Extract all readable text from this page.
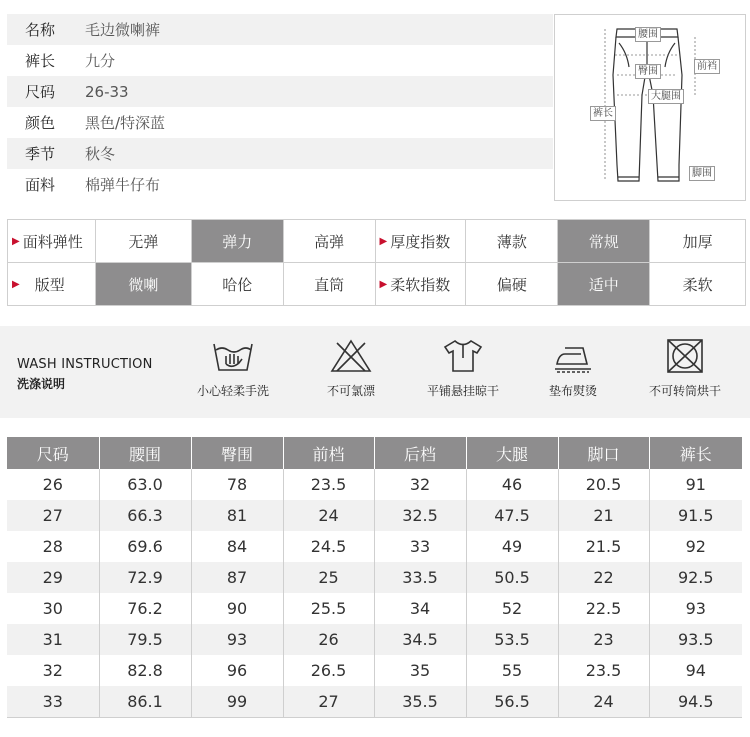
名称	毛边微喇裤
裤长	九分
尺码	26-33
颜色	黑色/特深蓝
季节	秋冬
面料	棉弹牛仔布
腰围
臀围	前裆
大腿围
裤长
脚围
▶ 面料弹性	无弹	弹力	高弹	▶ 厚度指数	薄款	常规	加厚
▶ 版型	微喇	哈伦	直筒	▶ 柔软指数	偏硬	适中	柔软
WASH INSTRUCTION
洗涤说明	小心轻柔手洗	不可氯漂	平铺悬挂晾干	垫布熨烫	不可转筒烘干
尺码	腰围	臀围	前档	后档	大腿	脚口	裤长
26	63.0	78	23.5	32	46	20.5	91
27	66.3	81	24	32.5	47.5	21	91.5
28	69.6	84	24.5	33	49	21.5	92
29	72.9	87	25	33.5	50.5	22	92.5
30	76.2	90	25.5	34	52	22.5	93
31	79.5	93	26	34.5	53.5	23	93.5
32	82.8	96	26.5	35	55	23.5	94
33	86.1	99	27	35.5	56.5	24	94.5
